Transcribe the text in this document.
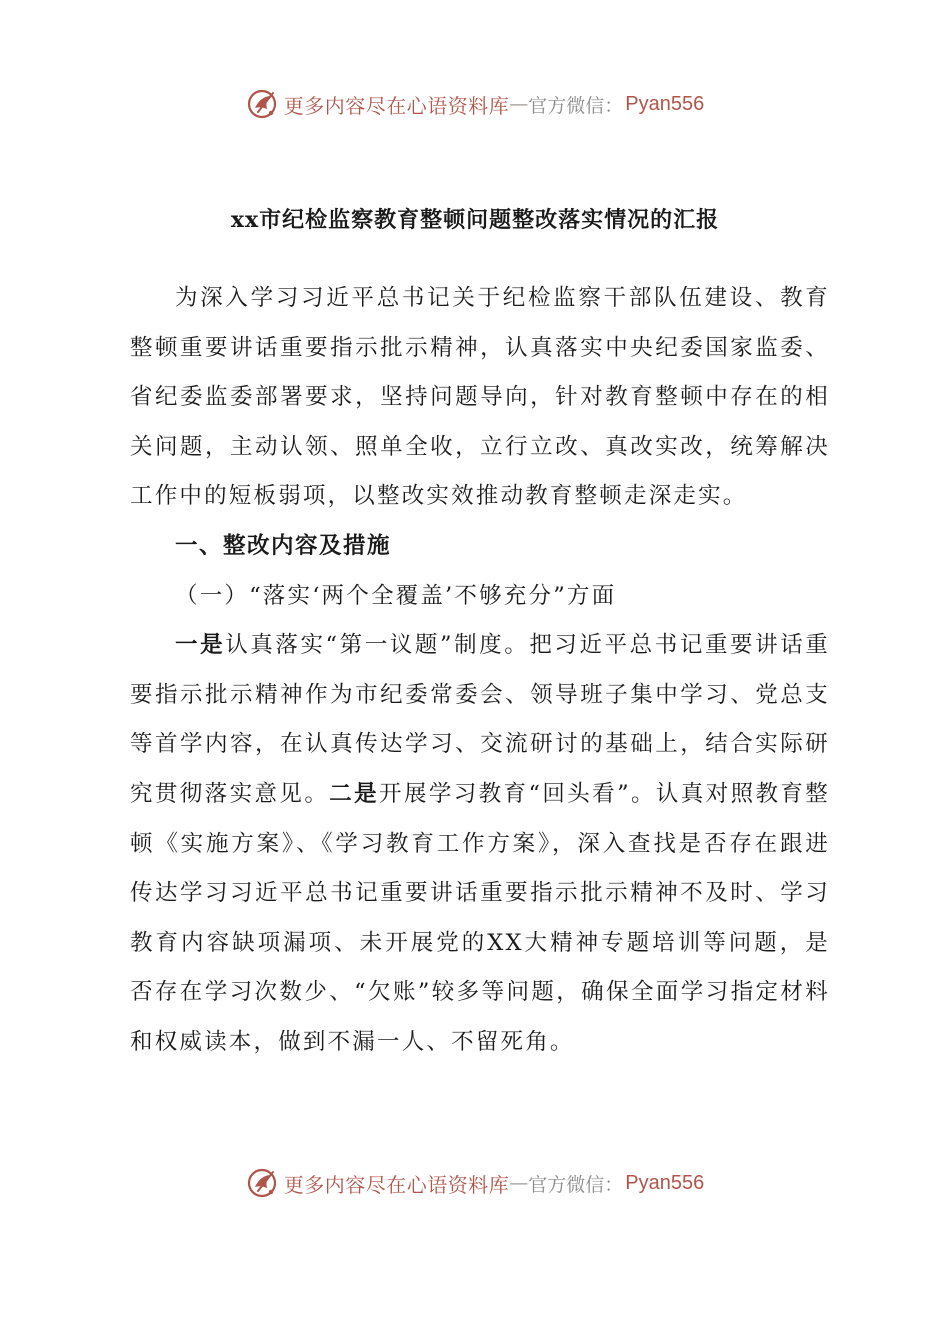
更多内容尽在心语资料库 — 官方微信： Pyan556
xx市纪检监察教育整顿问题整改落实情况的汇报

为深入学习习近平总书记关于纪检监察干部队伍建设、教育整顿重要讲话重要指示批示精神，认真落实中央纪委国家监委、省纪委监委部署要求，坚持问题导向，针对教育整顿中存在的相关问题，主动认领、照单全收，立行立改、真改实改，统筹解决工作中的短板弱项，以整改实效推动教育整顿走深走实。

一、整改内容及措施

（一）“落实‘两个全覆盖’不够充分”方面

一是认真落实“第一议题”制度。把习近平总书记重要讲话重要指示批示精神作为市纪委常委会、领导班子集中学习、党总支等首学内容，在认真传达学习、交流研讨的基础上，结合实际研究贯彻落实意见。二是开展学习教育“回头看”。认真对照教育整顿《实施方案》、《学习教育工作方案》，深入查找是否存在跟进传达学习习近平总书记重要讲话重要指示批示精神不及时、学习教育内容缺项漏项、未开展党的XX大精神专题培训等问题，是否存在学习次数少、“欠账”较多等问题，确保全面学习指定材料和权威读本，做到不漏一人、不留死角。

更多内容尽在心语资料库 — 官方微信： Pyan556
